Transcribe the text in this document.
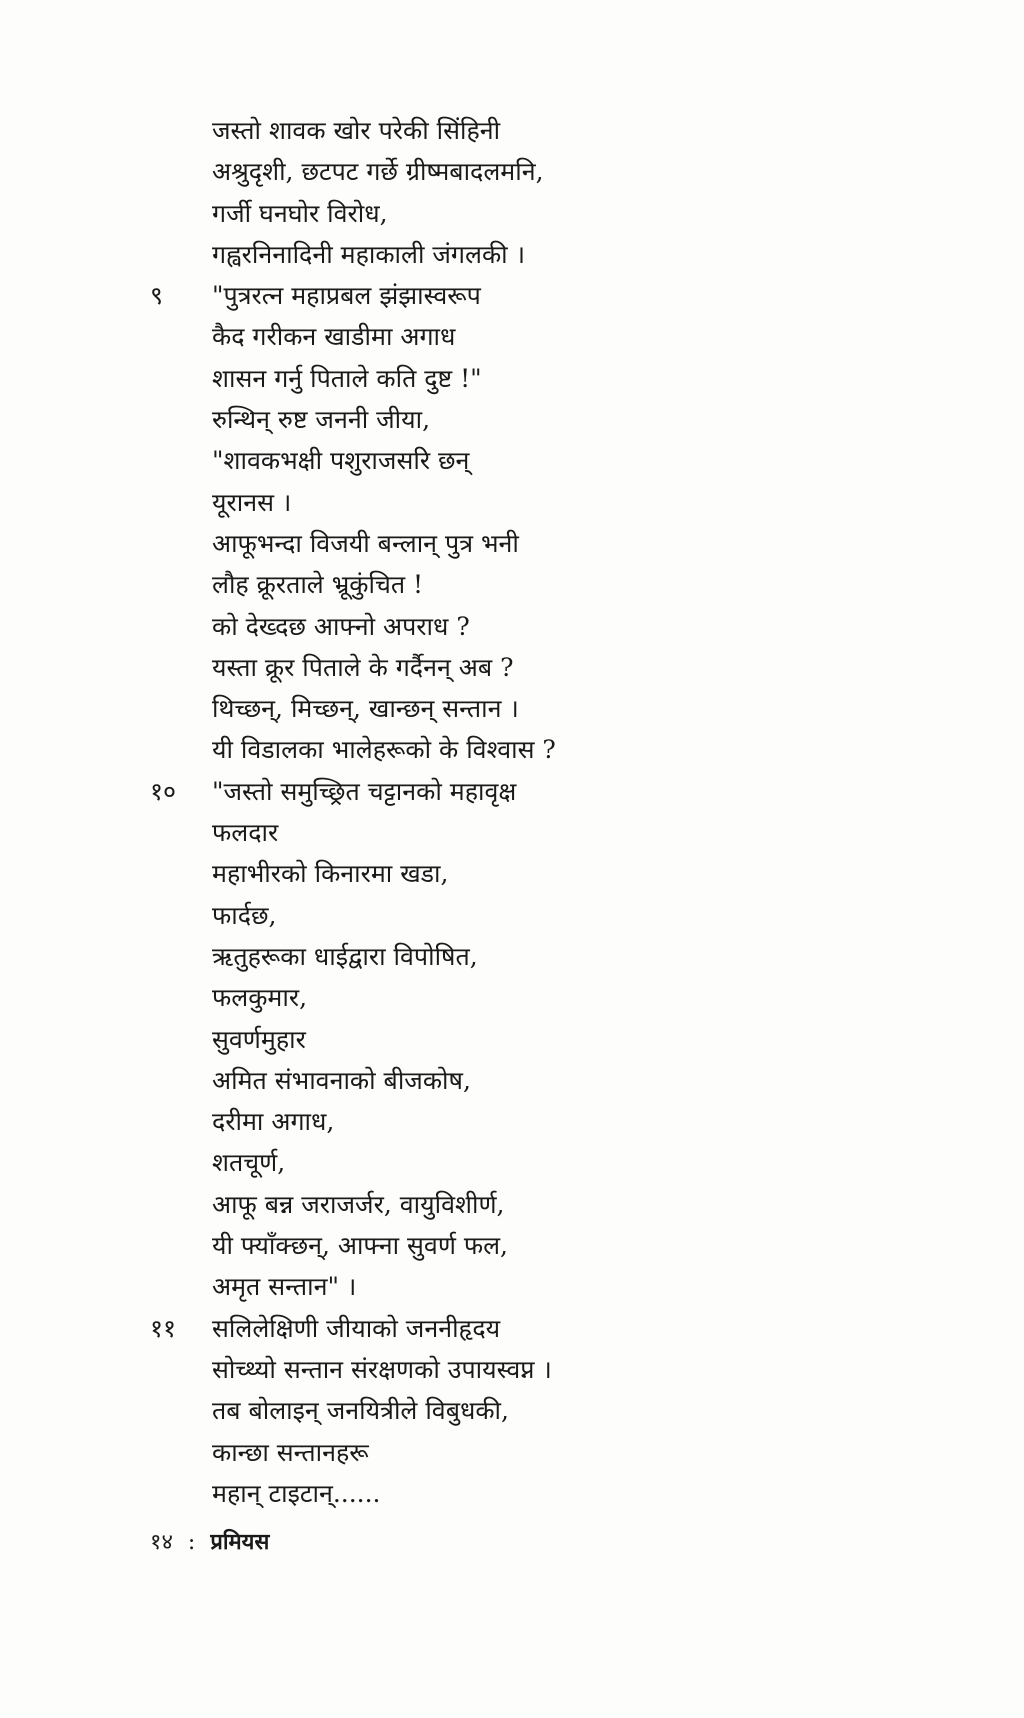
जस्तो शावक खोर परेकी सिंहिनी
अश्रुदृशी, छटपट गर्छे ग्रीष्मबादलमनि,
गर्जी घनघोर विरोध,
गह्वरनिनादिनी महाकाली जंगलकी ।
९	"पुत्ररत्न महाप्रबल झंझास्वरूप
कैद गरीकन खाडीमा अगाध
शासन गर्नु पिताले कति दुष्ट !"
रुन्थिन् रुष्ट जननी जीया,
"शावकभक्षी पशुराजसरि छन्
यूरानस ।
आफूभन्दा विजयी बन्लान् पुत्र भनी
लौह क्रूरताले भ्रूकुंचित !
को देख्दछ आफ्नो अपराध ?
यस्ता क्रूर पिताले के गर्दैनन् अब ?
थिच्छन्, मिच्छन्, खान्छन् सन्तान ।
यी विडालका भालेहरूको के विश्वास ?
१०	"जस्तो समुच्छ्रित चट्टानको महावृक्ष
फलदार
महाभीरको किनारमा खडा,
फार्दछ,
ऋतुहरूका धाईद्वारा विपोषित,
फलकुमार,
सुवर्णमुहार
अमित संभावनाको बीजकोष,
दरीमा अगाध,
शतचूर्ण,
आफू बन्न जराजर्जर, वायुविशीर्ण,
यी फ्याँक्छन्, आफ्ना सुवर्ण फल,
अमृत सन्तान" ।
११	सलिलेक्षिणी जीयाको जननीहृदय
सोच्थ्यो सन्तान संरक्षणको उपायस्वप्न ।
तब बोलाइन् जनयित्रीले विबुधकी,
कान्छा सन्तानहरू
महान् टाइटान्......
१४ : प्रमियस
